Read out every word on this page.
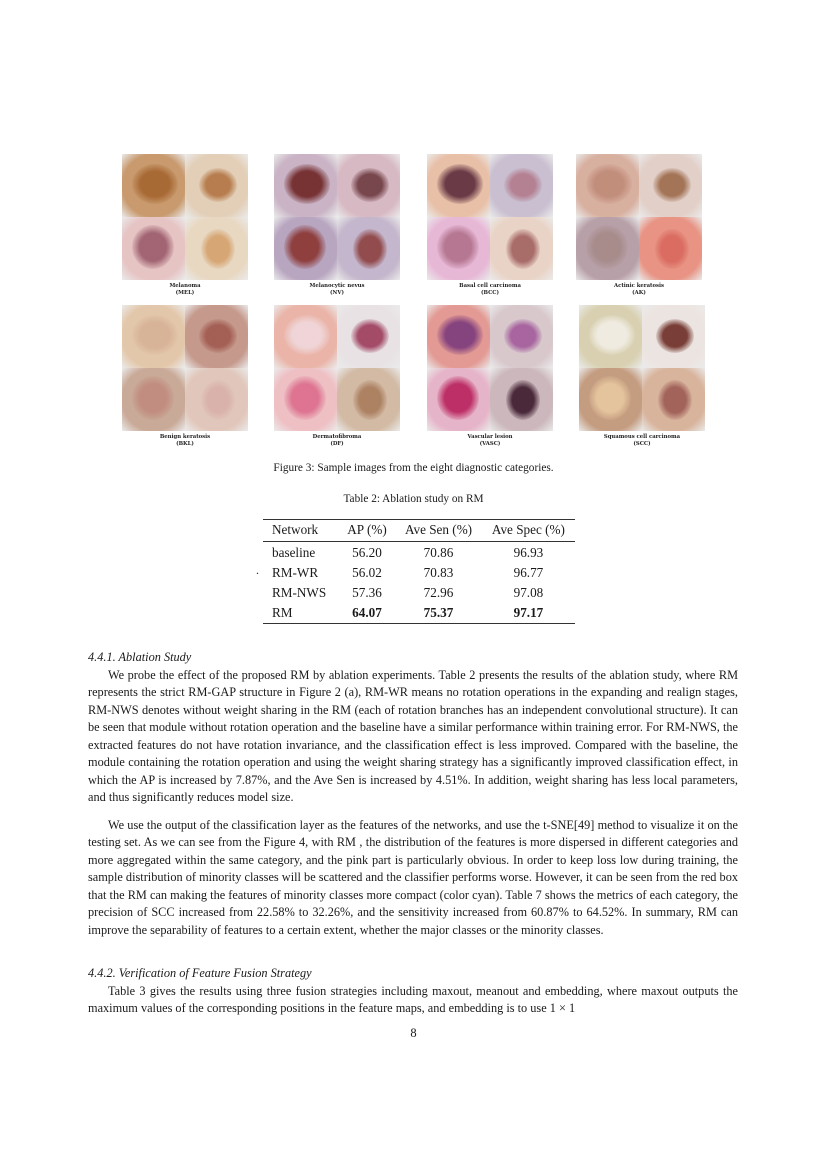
Melanoma
(MEL)
Melanocytic nevus
(NV)
Basal cell carcinoma
(BCC)
Actinic keratosis
(AK)
Benign keratosis
(BKL)
Dermatofibroma
(DF)
Vascular lesion
(VASC)
Squamous cell carcinoma
(SCC)
Figure 3: Sample images from the eight diagnostic categories.
Table 2: Ablation study on RM
.
Network	AP (%)	Ave Sen (%)	Ave Spec (%)
baseline	56.20	70.86	96.93
RM-WR	56.02	70.83	96.77
RM-NWS	57.36	72.96	97.08
RM	64.07	75.37	97.17
4.4.1. Ablation Study

We probe the effect of the proposed RM by ablation experiments. Table 2 presents the results of the ablation study, where RM represents the strict RM-GAP structure in Figure 2 (a), RM-WR means no rotation operations in the expanding and realign stages, RM-NWS denotes without weight sharing in the RM (each of rotation branches has an independent convolutional structure). It can be seen that module without rotation operation and the baseline have a similar performance within training error. For RM-NWS, the extracted features do not have rotation invariance, and the classification effect is less improved. Compared with the baseline, the module containing the rotation operation and using the weight sharing strategy has a significantly improved classification effect, in which the AP is increased by 7.87%, and the Ave Sen is increased by 4.51%. In addition, weight sharing has less local parameters, and thus significantly reduces model size.

We use the output of the classification layer as the features of the networks, and use the t-SNE[49] method to visualize it on the testing set. As we can see from the Figure 4, with RM , the distribution of the features is more dispersed in different categories and more aggregated within the same category, and the pink part is particularly obvious. In order to keep loss low during training, the sample distribution of minority classes will be scattered and the classifier performs worse. However, it can be seen from the red box that the RM can making the features of minority classes more compact (color cyan). Table 7 shows the metrics of each category, the precision of SCC increased from 22.58% to 32.26%, and the sensitivity increased from 60.87% to 64.52%. In summary, RM can improve the separability of features to a certain extent, whether the major classes or the minority classes.

4.4.2. Verification of Feature Fusion Strategy

Table 3 gives the results using three fusion strategies including maxout, meanout and embedding, where maxout outputs the maximum values of the corresponding positions in the feature maps, and embedding is to use 1 × 1

8
